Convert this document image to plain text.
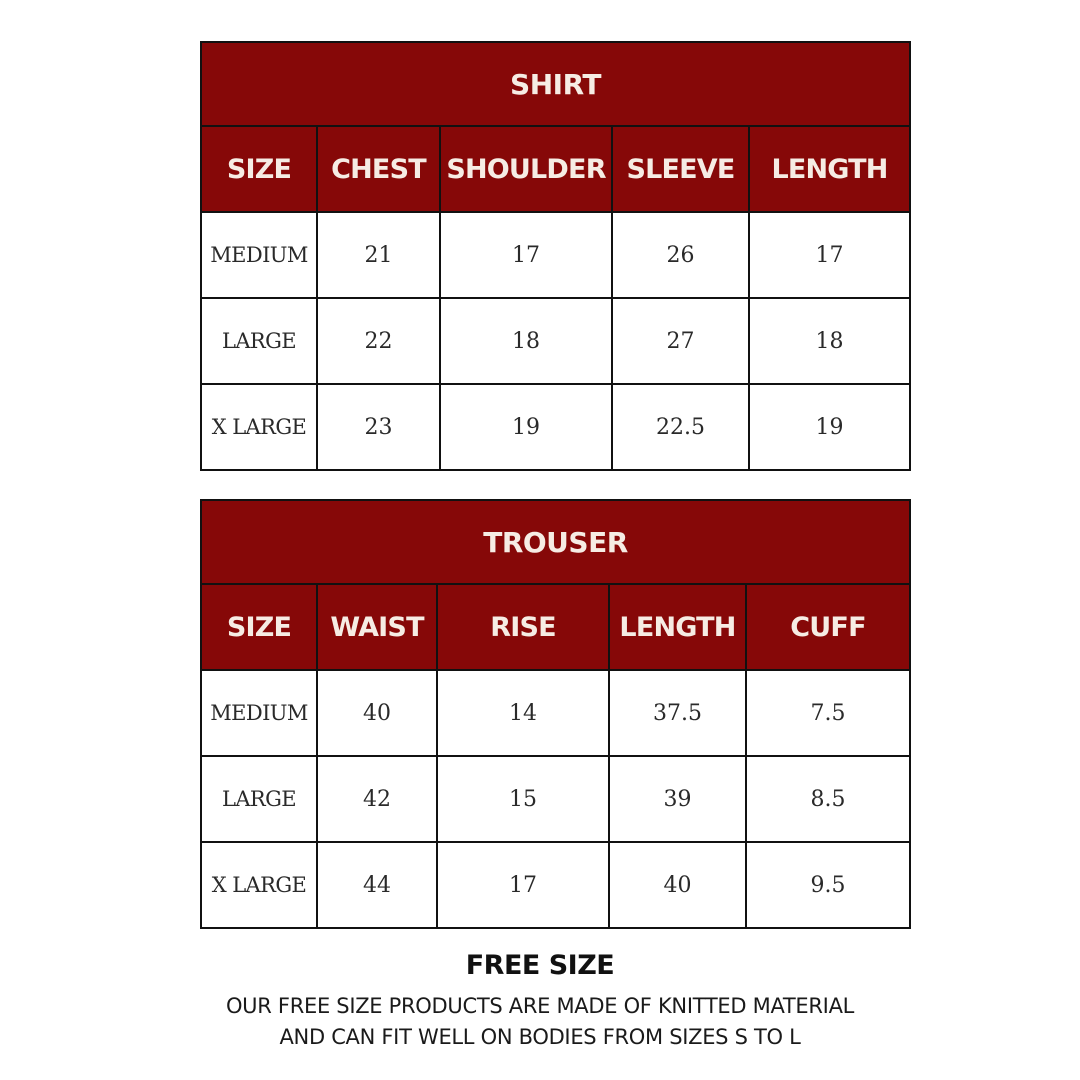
SHIRT				
SIZE	CHEST	SHOULDER	SLEEVE	LENGTH
MEDIUM	21	17	26	17
LARGE	22	18	27	18
X LARGE	23	19	22.5	19
TROUSER				
SIZE	WAIST	RISE	LENGTH	CUFF
MEDIUM	40	14	37.5	7.5
LARGE	42	15	39	8.5
X LARGE	44	17	40	9.5
FREE SIZE
OUR FREE SIZE PRODUCTS ARE MADE OF KNITTED MATERIAL
AND CAN FIT WELL ON BODIES FROM SIZES S TO L
